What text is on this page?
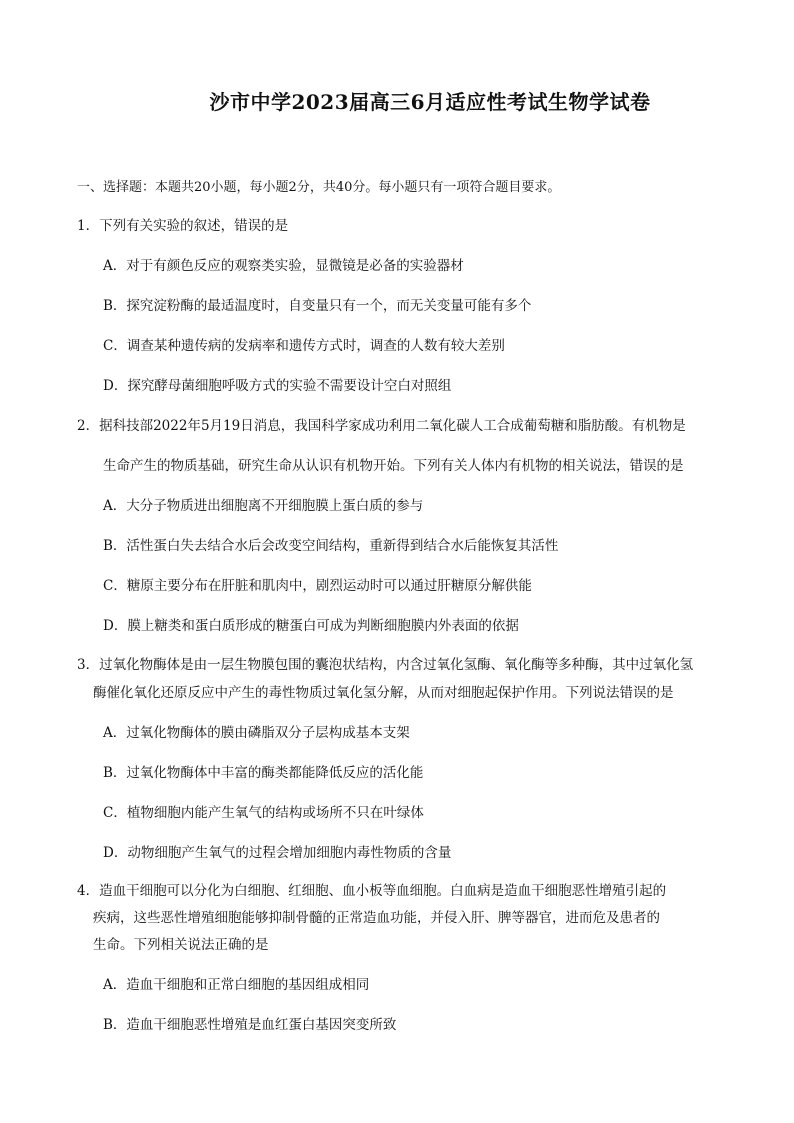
沙市中学2023届高三6月适应性考试生物学试卷
一、选择题：本题共20小题，每小题2分，共40分。每小题只有一项符合题目要求。
1．下列有关实验的叙述，错误的是
A．对于有颜色反应的观察类实验，显微镜是必备的实验器材
B．探究淀粉酶的最适温度时，自变量只有一个，而无关变量可能有多个
C．调查某种遗传病的发病率和遗传方式时，调查的人数有较大差别
D．探究酵母菌细胞呼吸方式的实验不需要设计空白对照组
2．据科技部2022年5月19日消息，我国科学家成功利用二氧化碳人工合成葡萄糖和脂肪酸。有机物是
生命产生的物质基础，研究生命从认识有机物开始。下列有关人体内有机物的相关说法，错误的是
A．大分子物质进出细胞离不开细胞膜上蛋白质的参与
B．活性蛋白失去结合水后会改变空间结构，重新得到结合水后能恢复其活性
C．糖原主要分布在肝脏和肌肉中，剧烈运动时可以通过肝糖原分解供能
D．膜上糖类和蛋白质形成的糖蛋白可成为判断细胞膜内外表面的依据
3．过氧化物酶体是由一层生物膜包围的囊泡状结构，内含过氧化氢酶、氧化酶等多种酶，其中过氧化氢
酶催化氧化还原反应中产生的毒性物质过氧化氢分解，从而对细胞起保护作用。下列说法错误的是
A．过氧化物酶体的膜由磷脂双分子层构成基本支架
B．过氧化物酶体中丰富的酶类都能降低反应的活化能
C．植物细胞内能产生氧气的结构或场所不只在叶绿体
D．动物细胞产生氧气的过程会增加细胞内毒性物质的含量
4．造血干细胞可以分化为白细胞、红细胞、血小板等血细胞。白血病是造血干细胞恶性增殖引起的
疾病，这些恶性增殖细胞能够抑制骨髓的正常造血功能，并侵入肝、脾等器官，进而危及患者的
生命。下列相关说法正确的是
A．造血干细胞和正常白细胞的基因组成相同
B．造血干细胞恶性增殖是血红蛋白基因突变所致
